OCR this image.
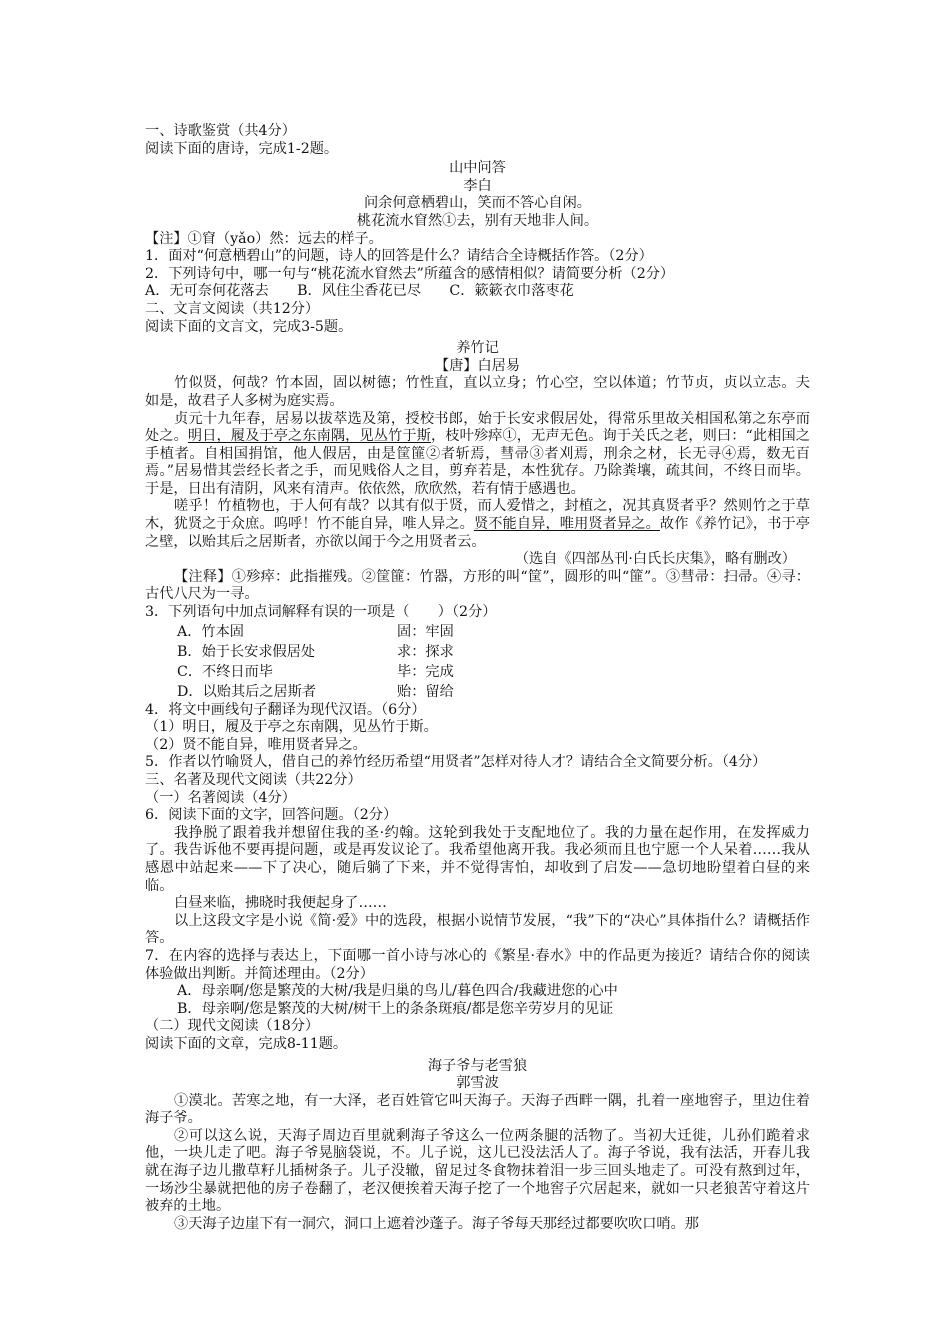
一、诗歌鉴赏（共4分）
阅读下面的唐诗，完成1-2题。
山中问答
李白
问余何意栖碧山，笑而不答心自闲。
桃花流水窅然①去，别有天地非人间。
【注】①窅（yǎo）然：远去的样子。
1．面对“何意栖碧山”的问题，诗人的回答是什么？请结合全诗概括作答。（2分）
2．下列诗句中，哪一句与“桃花流水窅然去”所蕴含的感情相似？请简要分析（2分）
A．无可奈何花落去　　B．风住尘香花已尽　　C．簌簌衣巾落枣花
二、文言文阅读（共12分）
阅读下面的文言文，完成3-5题。
养竹记
【唐】白居易
竹似贤，何哉？竹本固，固以树德；竹性直，直以立身；竹心空，空以体道；竹节贞，贞以立志。夫如是，故君子人多树为庭实焉。
贞元十九年春，居易以拔萃选及第，授校书郎，始于长安求假居处，得常乐里故关相国私第之东亭而处之。明日，履及于亭之东南隅，见丛竹于斯，枝叶殄瘁①，无声无色。询于关氏之老，则曰：“此相国之手植者。自相国捐馆，他人假居，由是筐篚②者斩焉，彗帚③者刈焉，刑余之材，长无寻④焉，数无百焉。”居易惜其尝经长者之手，而见贱俗人之目，剪弃若是，本性犹存。乃除粪壤，疏其间，不终日而毕。于是，日出有清阴，风来有清声。依依然，欣欣然，若有情于感遇也。
嗟乎！竹植物也，于人何有哉？以其有似于贤，而人爱惜之，封植之，况其真贤者乎？然则竹之于草木，犹贤之于众庶。呜呼！竹不能自异，唯人异之。贤不能自异，唯用贤者异之。故作《养竹记》，书于亭之壁，以贻其后之居斯者，亦欲以闻于今之用贤者云。
（选自《四部丛刊·白氏长庆集》，略有删改）
【注释】①殄瘁：此指摧残。②筐篚：竹器，方形的叫“筐”，圆形的叫“篚”。③彗帚：扫帚。④寻：古代八尺为一寻。
3．下列语句中加点词解释有误的一项是（　　）（2分）
A．竹本固	固：牢固
B．始于长安求假居处	求：探求
C．不终日而毕	毕：完成
D．以贻其后之居斯者	贻：留给
4．将文中画线句子翻译为现代汉语。（6分）
（1）明日，履及于亭之东南隅，见丛竹于斯。
（2）贤不能自异，唯用贤者异之。
5．作者以竹喻贤人，借自己的养竹经历希望“用贤者”怎样对待人才？请结合全文简要分析。（4分）
三、名著及现代文阅读（共22分）
（一）名著阅读（4分）
6．阅读下面的文字，回答问题。（2分）
我挣脱了跟着我并想留住我的圣·约翰。这轮到我处于支配地位了。我的力量在起作用，在发挥威力了。我告诉他不要再提问题，或是再发议论了。我希望他离开我。我必须而且也宁愿一个人呆着……我从感恩中站起来——下了决心，随后躺了下来，并不觉得害怕，却收到了启发——急切地盼望着白昼的来临。
白昼来临，拂晓时我便起身了……
以上这段文字是小说《简·爱》中的选段，根据小说情节发展，“我”下的“决心”具体指什么？请概括作答。
7．在内容的选择与表达上，下面哪一首小诗与冰心的《繁星·春水》中的作品更为接近？请结合你的阅读体验做出判断。并简述理由。（2分）
A．母亲啊/您是繁茂的大树/我是归巢的鸟儿/暮色四合/我藏进您的心中
B．母亲啊/您是繁茂的大树/树干上的条条斑痕/都是您辛劳岁月的见证
（二）现代文阅读（18分）
阅读下面的文章，完成8-11题。
海子爷与老雪狼
郭雪波
①漠北。苦寒之地，有一大泽，老百姓管它叫天海子。天海子西畔一隅，扎着一座地窖子，里边住着海子爷。
②可以这么说，天海子周边百里就剩海子爷这么一位两条腿的活物了。当初大迁徙，儿孙们跪着求他，一块儿走了吧。海子爷晃脑袋说，不。儿子说，这儿已没法活人了。海子爷说，我有法活，开春儿我就在海子边儿撒草籽儿插树条子。儿子没辙，留足过冬食物抹着泪一步三回头地走了。可没有熬到过年，一场沙尘暴就把他的房子卷翻了，老汉便挨着天海子挖了一个地窖子穴居起来，就如一只老狼苦守着这片被弃的土地。
③天海子边崖下有一洞穴，洞口上遮着沙蓬子。海子爷每天那经过都要吹吹口哨。那
